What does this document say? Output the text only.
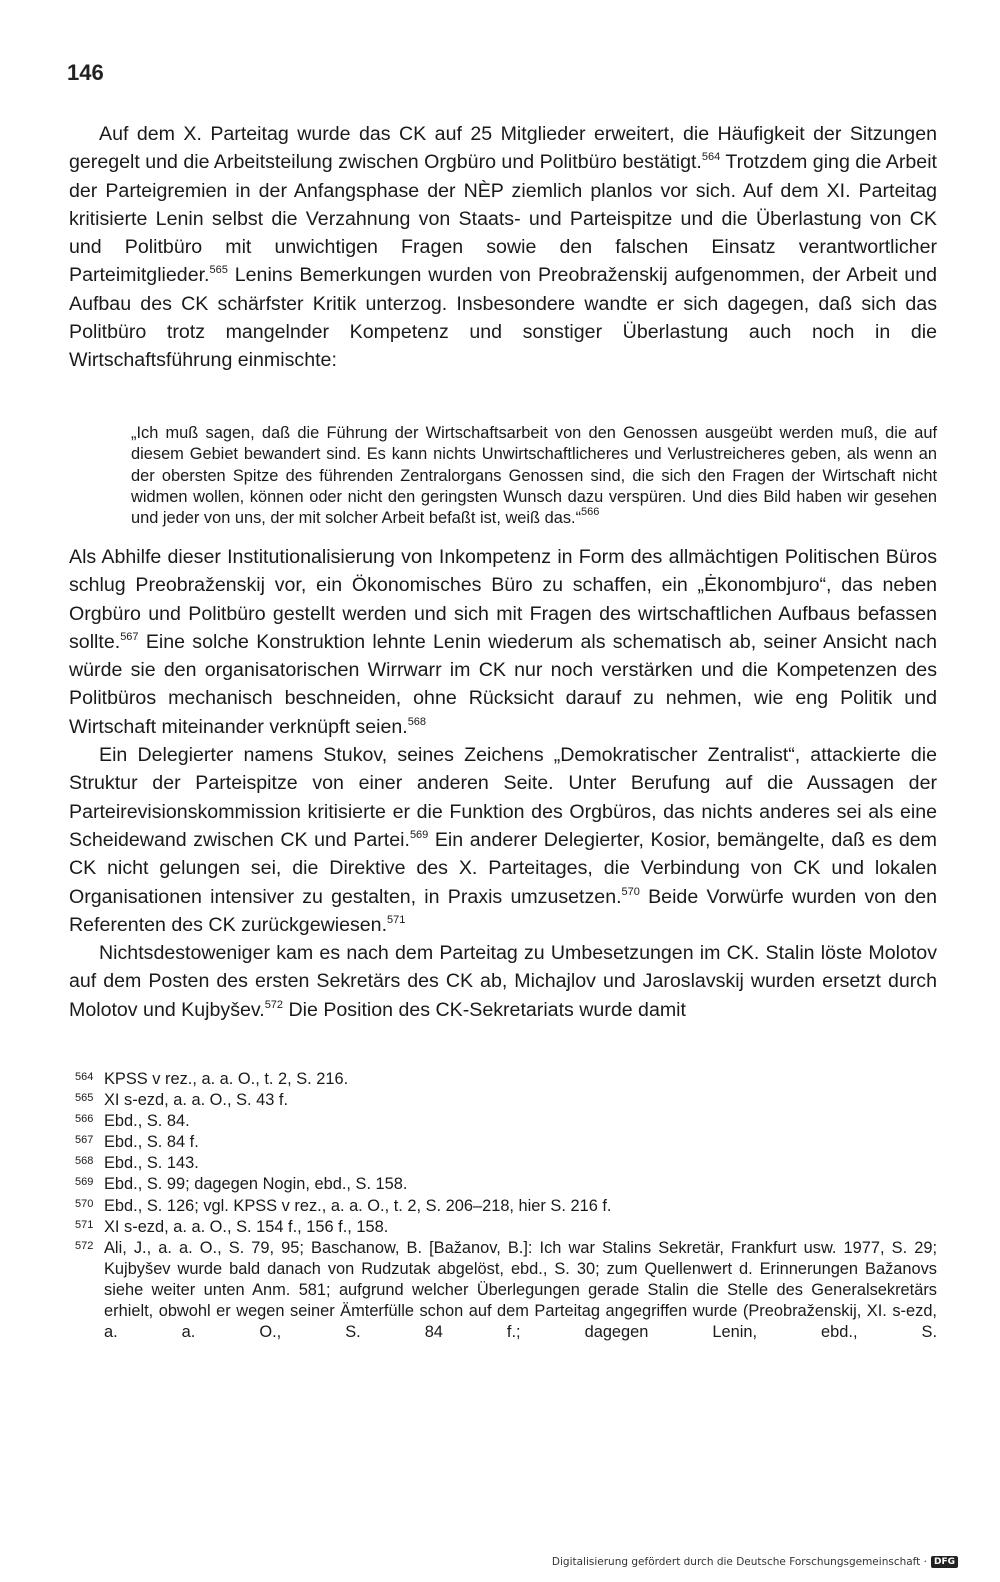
146

Auf dem X. Parteitag wurde das CK auf 25 Mitglieder erweitert, die Häufigkeit der Sitzungen geregelt und die Arbeitsteilung zwischen Orgbüro und Politbüro bestätigt.$^{564}$ Trotzdem ging die Arbeit der Parteigremien in der Anfangsphase der NÈP ziemlich planlos vor sich. Auf dem XI. Parteitag kritisierte Lenin selbst die Verzahnung von Staats- und Parteispitze und die Überlastung von CK und Politbüro mit unwichtigen Fragen sowie den falschen Einsatz verantwortlicher Parteimitglieder.$^{565}$ Lenins Bemerkungen wurden von Preobraženskij aufgenommen, der Arbeit und Aufbau des CK schärfster Kritik unterzog. Insbesondere wandte er sich dagegen, daß sich das Politbüro trotz mangelnder Kompetenz und sonstiger Überlastung auch noch in die Wirtschaftsführung einmischte:

„Ich muß sagen, daß die Führung der Wirtschaftsarbeit von den Genossen ausgeübt werden muß, die auf diesem Gebiet bewandert sind. Es kann nichts Unwirtschaftlicheres und Verlustreicheres geben, als wenn an der obersten Spitze des führenden Zentralorgans Genossen sind, die sich den Fragen der Wirtschaft nicht widmen wollen, können oder nicht den geringsten Wunsch dazu verspüren. Und dies Bild haben wir gesehen und jeder von uns, der mit solcher Arbeit befaßt ist, weiß das.“$^{566}$

Als Abhilfe dieser Institutionalisierung von Inkompetenz in Form des allmächtigen Politischen Büros schlug Preobraženskij vor, ein Ökonomisches Büro zu schaffen, ein „Ėkonombjuro“, das neben Orgbüro und Politbüro gestellt werden und sich mit Fragen des wirtschaftlichen Aufbaus befassen sollte.$^{567}$ Eine solche Konstruktion lehnte Lenin wiederum als schematisch ab, seiner Ansicht nach würde sie den organisatorischen Wirrwarr im CK nur noch verstärken und die Kompetenzen des Politbüros mechanisch beschneiden, ohne Rücksicht darauf zu nehmen, wie eng Politik und Wirtschaft miteinander verknüpft seien.$^{568}$

Ein Delegierter namens Stukov, seines Zeichens „Demokratischer Zentralist“, attackierte die Struktur der Parteispitze von einer anderen Seite. Unter Berufung auf die Aussagen der Parteirevisionskommission kritisierte er die Funktion des Orgbüros, das nichts anderes sei als eine Scheidewand zwischen CK und Partei.$^{569}$ Ein anderer Delegierter, Kosior, bemängelte, daß es dem CK nicht gelungen sei, die Direktive des X. Parteitages, die Verbindung von CK und lokalen Organisationen intensiver zu gestalten, in Praxis umzusetzen.$^{570}$ Beide Vorwürfe wurden von den Referenten des CK zurückgewiesen.$^{571}$

Nichtsdestoweniger kam es nach dem Parteitag zu Umbesetzungen im CK. Stalin löste Molotov auf dem Posten des ersten Sekretärs des CK ab, Michajlov und Jaroslavskij wurden ersetzt durch Molotov und Kujbyšev.$^{572}$ Die Position des CK-Sekretariats wurde damit

564 KPSS v rez., a. a. O., t. 2, S. 216.
565 XI s-ezd, a. a. O., S. 43 f.
566 Ebd., S. 84.
567 Ebd., S. 84 f.
568 Ebd., S. 143.
569 Ebd., S. 99; dagegen Nogin, ebd., S. 158.
570 Ebd., S. 126; vgl. KPSS v rez., a. a. O., t. 2, S. 206–218, hier S. 216 f.
571 XI s-ezd, a. a. O., S. 154 f., 156 f., 158.
572 Ali, J., a. a. O., S. 79, 95; Baschanow, B. [Bažanov, B.]: Ich war Stalins Sekretär, Frankfurt usw. 1977, S. 29; Kujbyšev wurde bald danach von Rudzutak abgelöst, ebd., S. 30; zum Quellenwert d. Erinnerungen Bažanovs siehe weiter unten Anm. 581; aufgrund welcher Überlegungen gerade Stalin die Stelle des Generalsekretärs erhielt, obwohl er wegen seiner Ämterfülle schon auf dem Parteitag angegriffen wurde (Preobraženskij, XI. s-ezd, a. a. O., S. 84 f.; dagegen Lenin, ebd., S.
Digitalisierung gefördert durch die Deutsche Forschungsgemeinschaft · DFG
